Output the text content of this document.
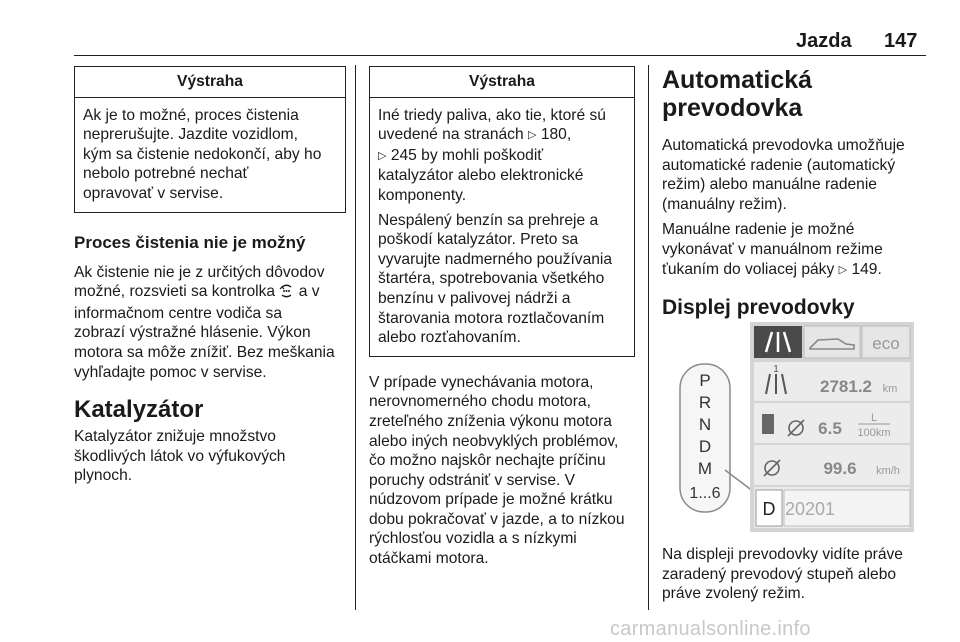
Jazda 147
Výstraha
Ak je to možné, proces čistenia
neprerušujte. Jazdite vozidlom,
kým sa čistenie nedokončí, aby ho
nebolo potrebné nechať
opravovať v servise.
Proces čistenia nie je možný
Ak čistenie nie je z určitých dôvodov
možné, rozsvieti sa kontrolka a v
informačnom centre vodiča sa
zobrazí výstražné hlásenie. Výkon
motora sa môže znížiť. Bez meškania
vyhľadajte pomoc v servise.
Katalyzátor
Katalyzátor znižuje množstvo
škodlivých látok vo výfukových
plynoch.
Výstraha

Iné triedy paliva, ako tie, ktoré sú
uvedené na stranách ▷ 180,
▷ 245 by mohli poškodiť
katalyzátor alebo elektronické
komponenty.

Nespálený benzín sa prehreje a
poškodí katalyzátor. Preto sa
vyvarujte nadmerného používania
štartéra, spotrebovania všetkého
benzínu v palivovej nádrži a
štarovania motora roztlačovaním
alebo rozťahovaním.

V prípade vynechávania motora,
nerovnomerného chodu motora,
zreteľného zníženia výkonu motora
alebo iných neobvyklých problémov,
čo možno najskôr nechajte príčinu
poruchy odstrániť v servise. V
núdzovom prípade je možné krátku
dobu pokračovať v jazde, a to nízkou
rýchlosťou vozidla a s nízkymi
otáčkami motora.
Automatická
prevodovka
Automatická prevodovka umožňuje
automatické radenie (automatický
režim) alebo manuálne radenie
(manuálny režim).
Manuálne radenie je možné
vykonávať v manuálnom režime
ťukaním do voliacej páky ▷ 149.
Displej prevodovky
P
R
N
D
M
1...6
eco
1
2781.2 km
6.5
L
100km
99.6 km/h
D 20201
Na displeji prevodovky vidíte práve
zaradený prevodový stupeň alebo
práve zvolený režim.
carmanualsonline.info
